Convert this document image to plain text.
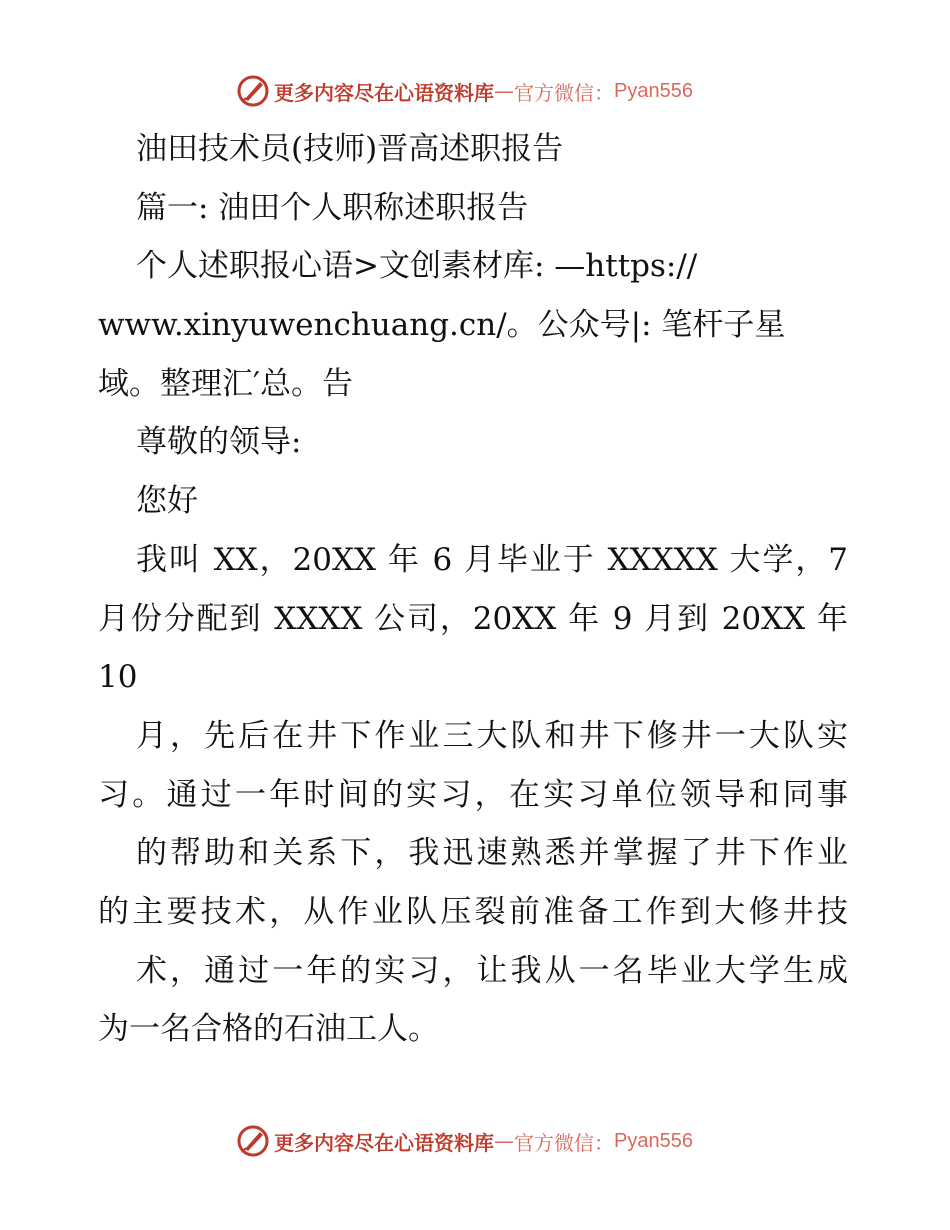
更多内容尽在心语资料库 — 官方微信： Pyan556
油田技术员(技师)晋高述职报告
篇一: 油田个人职称述职报告
个人述职报心语>文创素材库: —https://
www.xinyuwenchuang.cn/。公众号|: 笔杆子星
域。整理汇′总。告
尊敬的领导:
您好
我叫 XX，20XX 年 6 月毕业于 XXXXX 大学，7
月份分配到 XXXX 公司，20XX 年 9 月到 20XX 年
10
月，先后在井下作业三大队和井下修井一大队实
习。通过一年时间的实习，在实习单位领导和同事
的帮助和关系下，我迅速熟悉并掌握了井下作业
的主要技术，从作业队压裂前准备工作到大修井技
术，通过一年的实习，让我从一名毕业大学生成
为一名合格的石油工人。
更多内容尽在心语资料库 — 官方微信： Pyan556
